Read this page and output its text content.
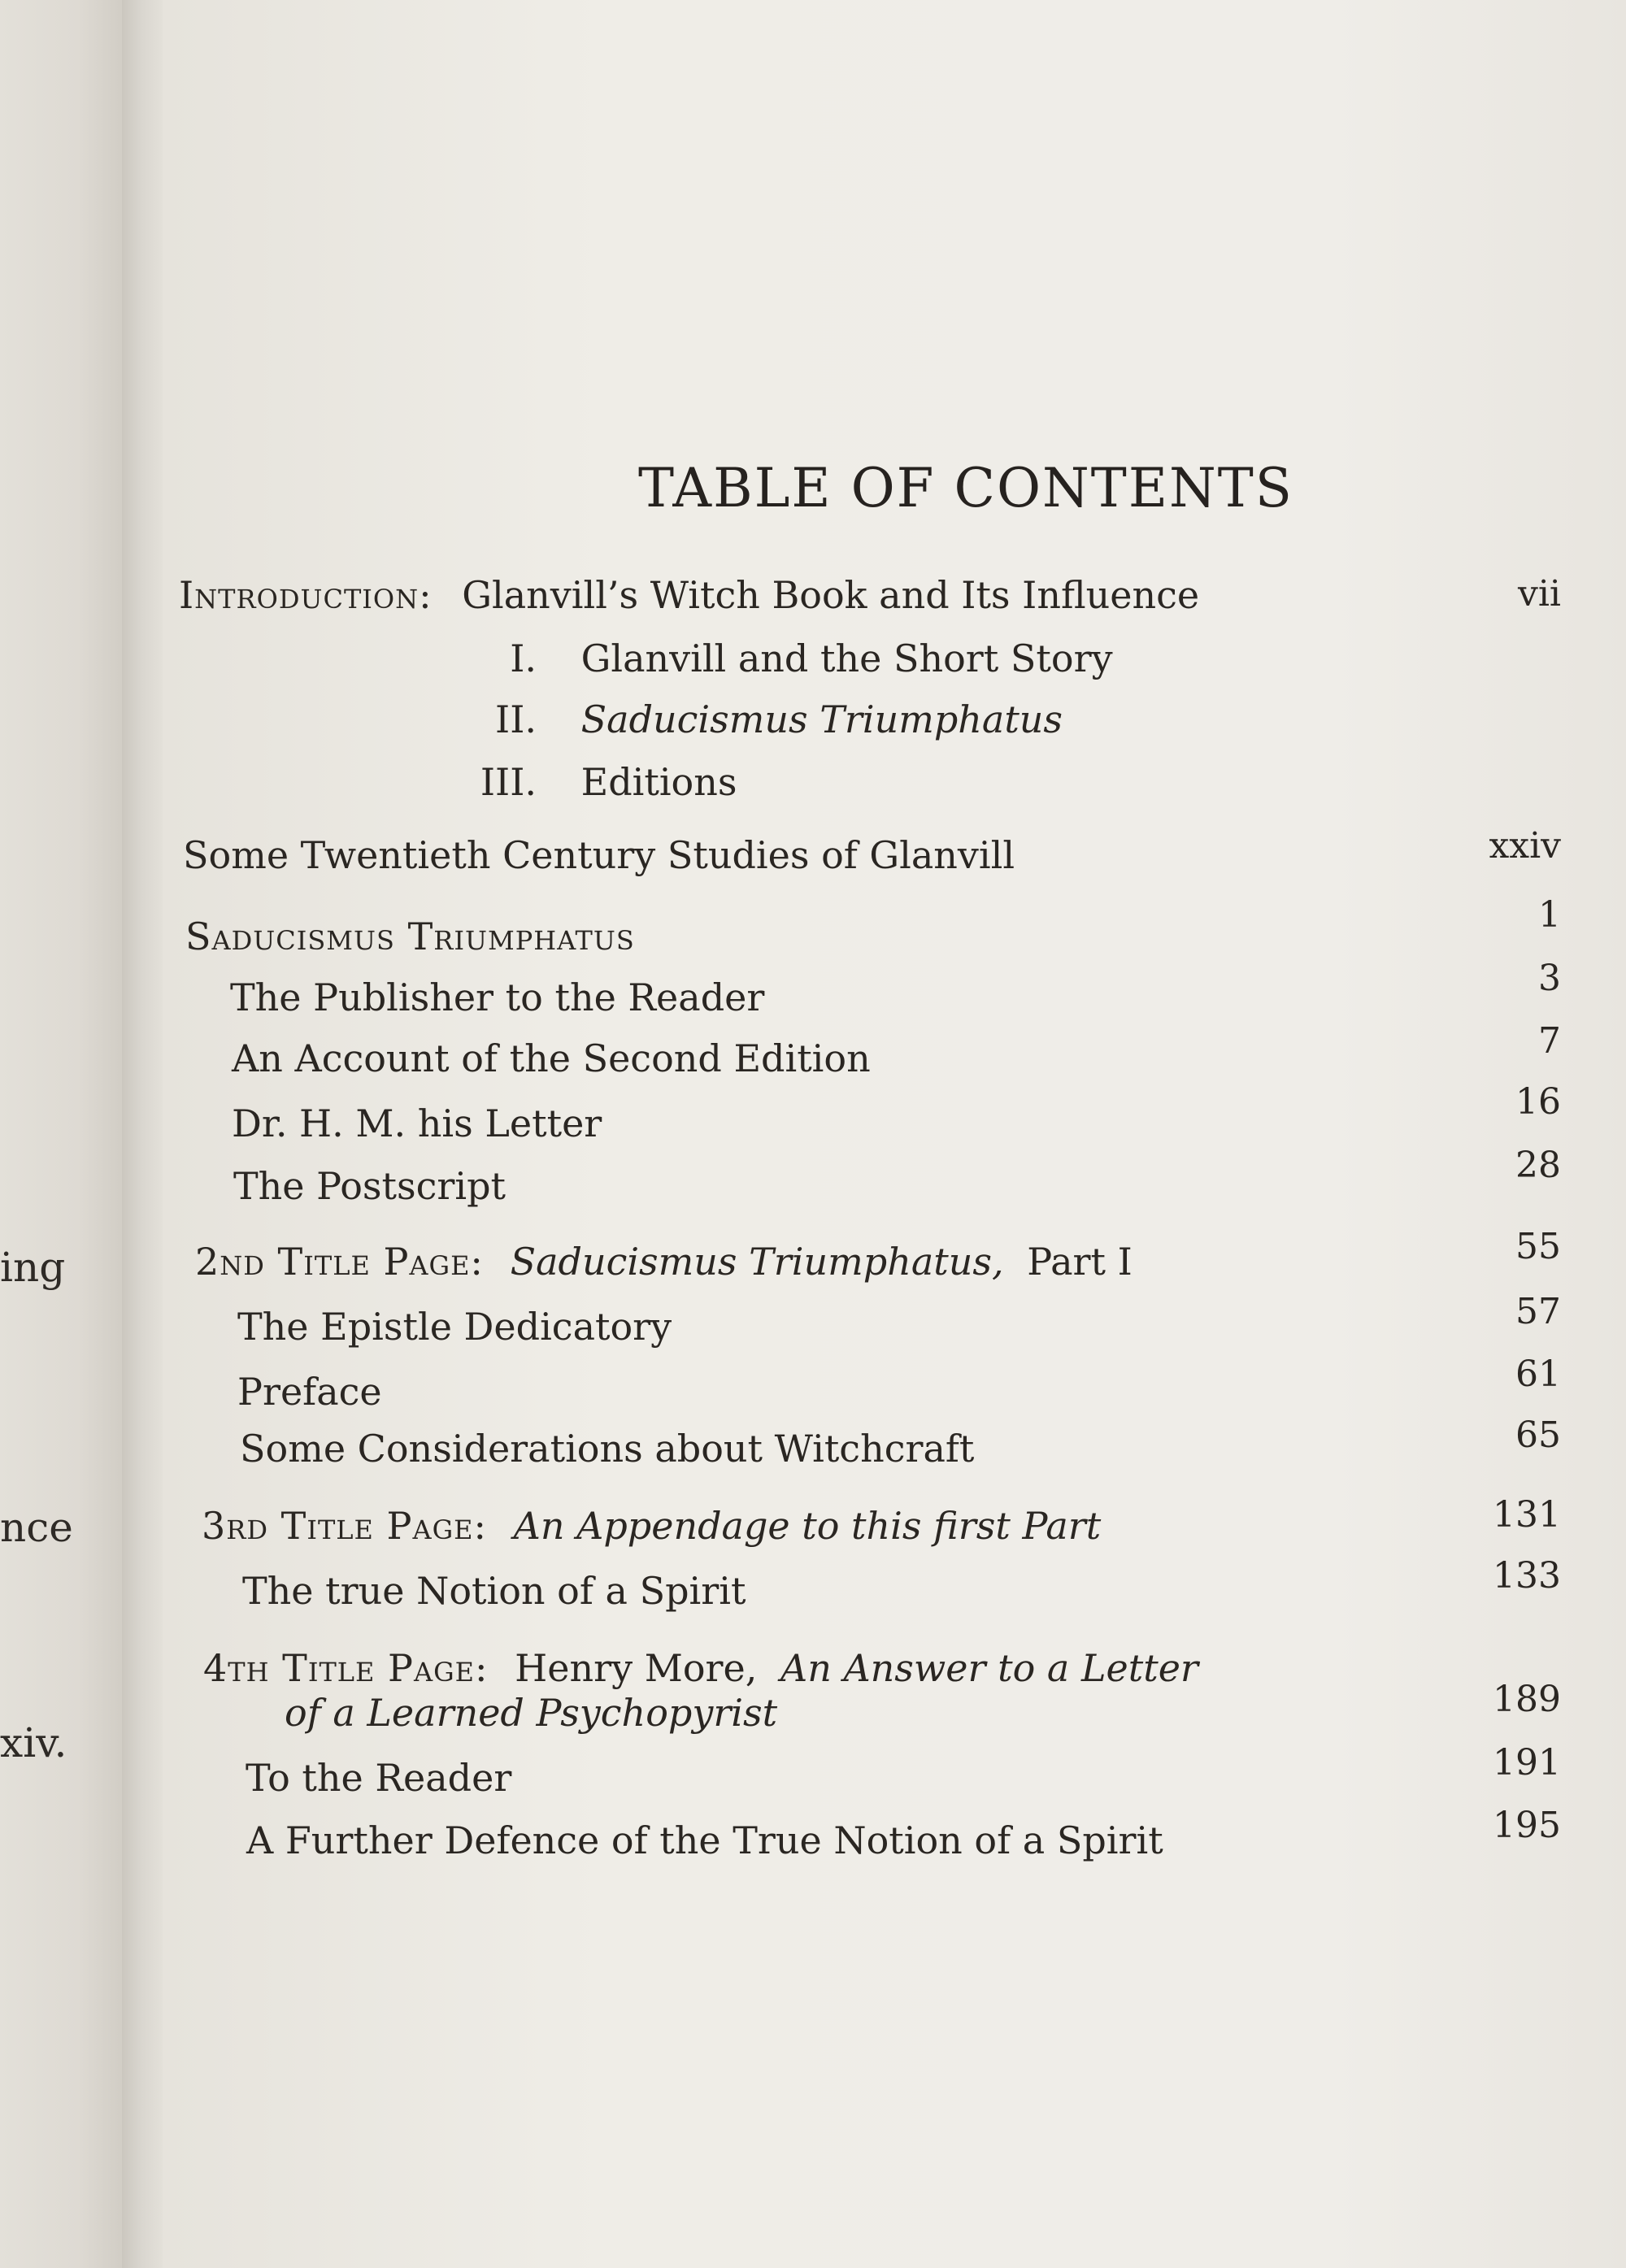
ing
nce
xiv.
TABLE OF CONTENTS
Introduction: Glanvill’s Witch Book and Its Influence	vii
I. Glanvill and the Short Story
II. Saducismus Triumphatus
III. Editions
Some Twentieth Century Studies of Glanvill	xxiv
Saducismus Triumphatus	1
The Publisher to the Reader	3
An Account of the Second Edition	7
Dr. H. M. his Letter	16
The Postscript	28
2nd Title Page: Saducismus Triumphatus, Part I	55
The Epistle Dedicatory	57
Preface	61
Some Considerations about Witchcraft	65
3rd Title Page: An Appendage to this first Part	131
The true Notion of a Spirit	133
4th Title Page: Henry More, An Answer to a Letter
of a Learned Psychopyrist	189
To the Reader	191
A Further Defence of the True Notion of a Spirit	195
